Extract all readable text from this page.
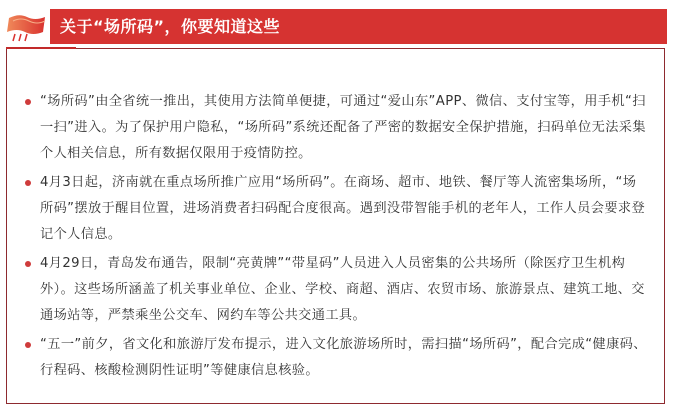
关于“场所码”，你要知道这些
“场所码”由全省统一推出，其使用方法简单便捷，可通过“爱山东”APP、微信、支付宝等，用手机“扫一扫”进入。为了保护用户隐私，“场所码”系统还配备了严密的数据安全保护措施，扫码单位无法采集个人相关信息，所有数据仅限用于疫情防控。
4月3日起，济南就在重点场所推广应用“场所码”。在商场、超市、地铁、餐厅等人流密集场所，“场所码”摆放于醒目位置，进场消费者扫码配合度很高。遇到没带智能手机的老年人，工作人员会要求登记个人信息。
4月29日，青岛发布通告，限制“亮黄牌”“带星码”人员进入人员密集的公共场所（除医疗卫生机构外）。这些场所涵盖了机关事业单位、企业、学校、商超、酒店、农贸市场、旅游景点、建筑工地、交通场站等，严禁乘坐公交车、网约车等公共交通工具。
“五一”前夕，省文化和旅游厅发布提示，进入文化旅游场所时，需扫描“场所码”，配合完成“健康码、行程码、核酸检测阴性证明”等健康信息核验。
